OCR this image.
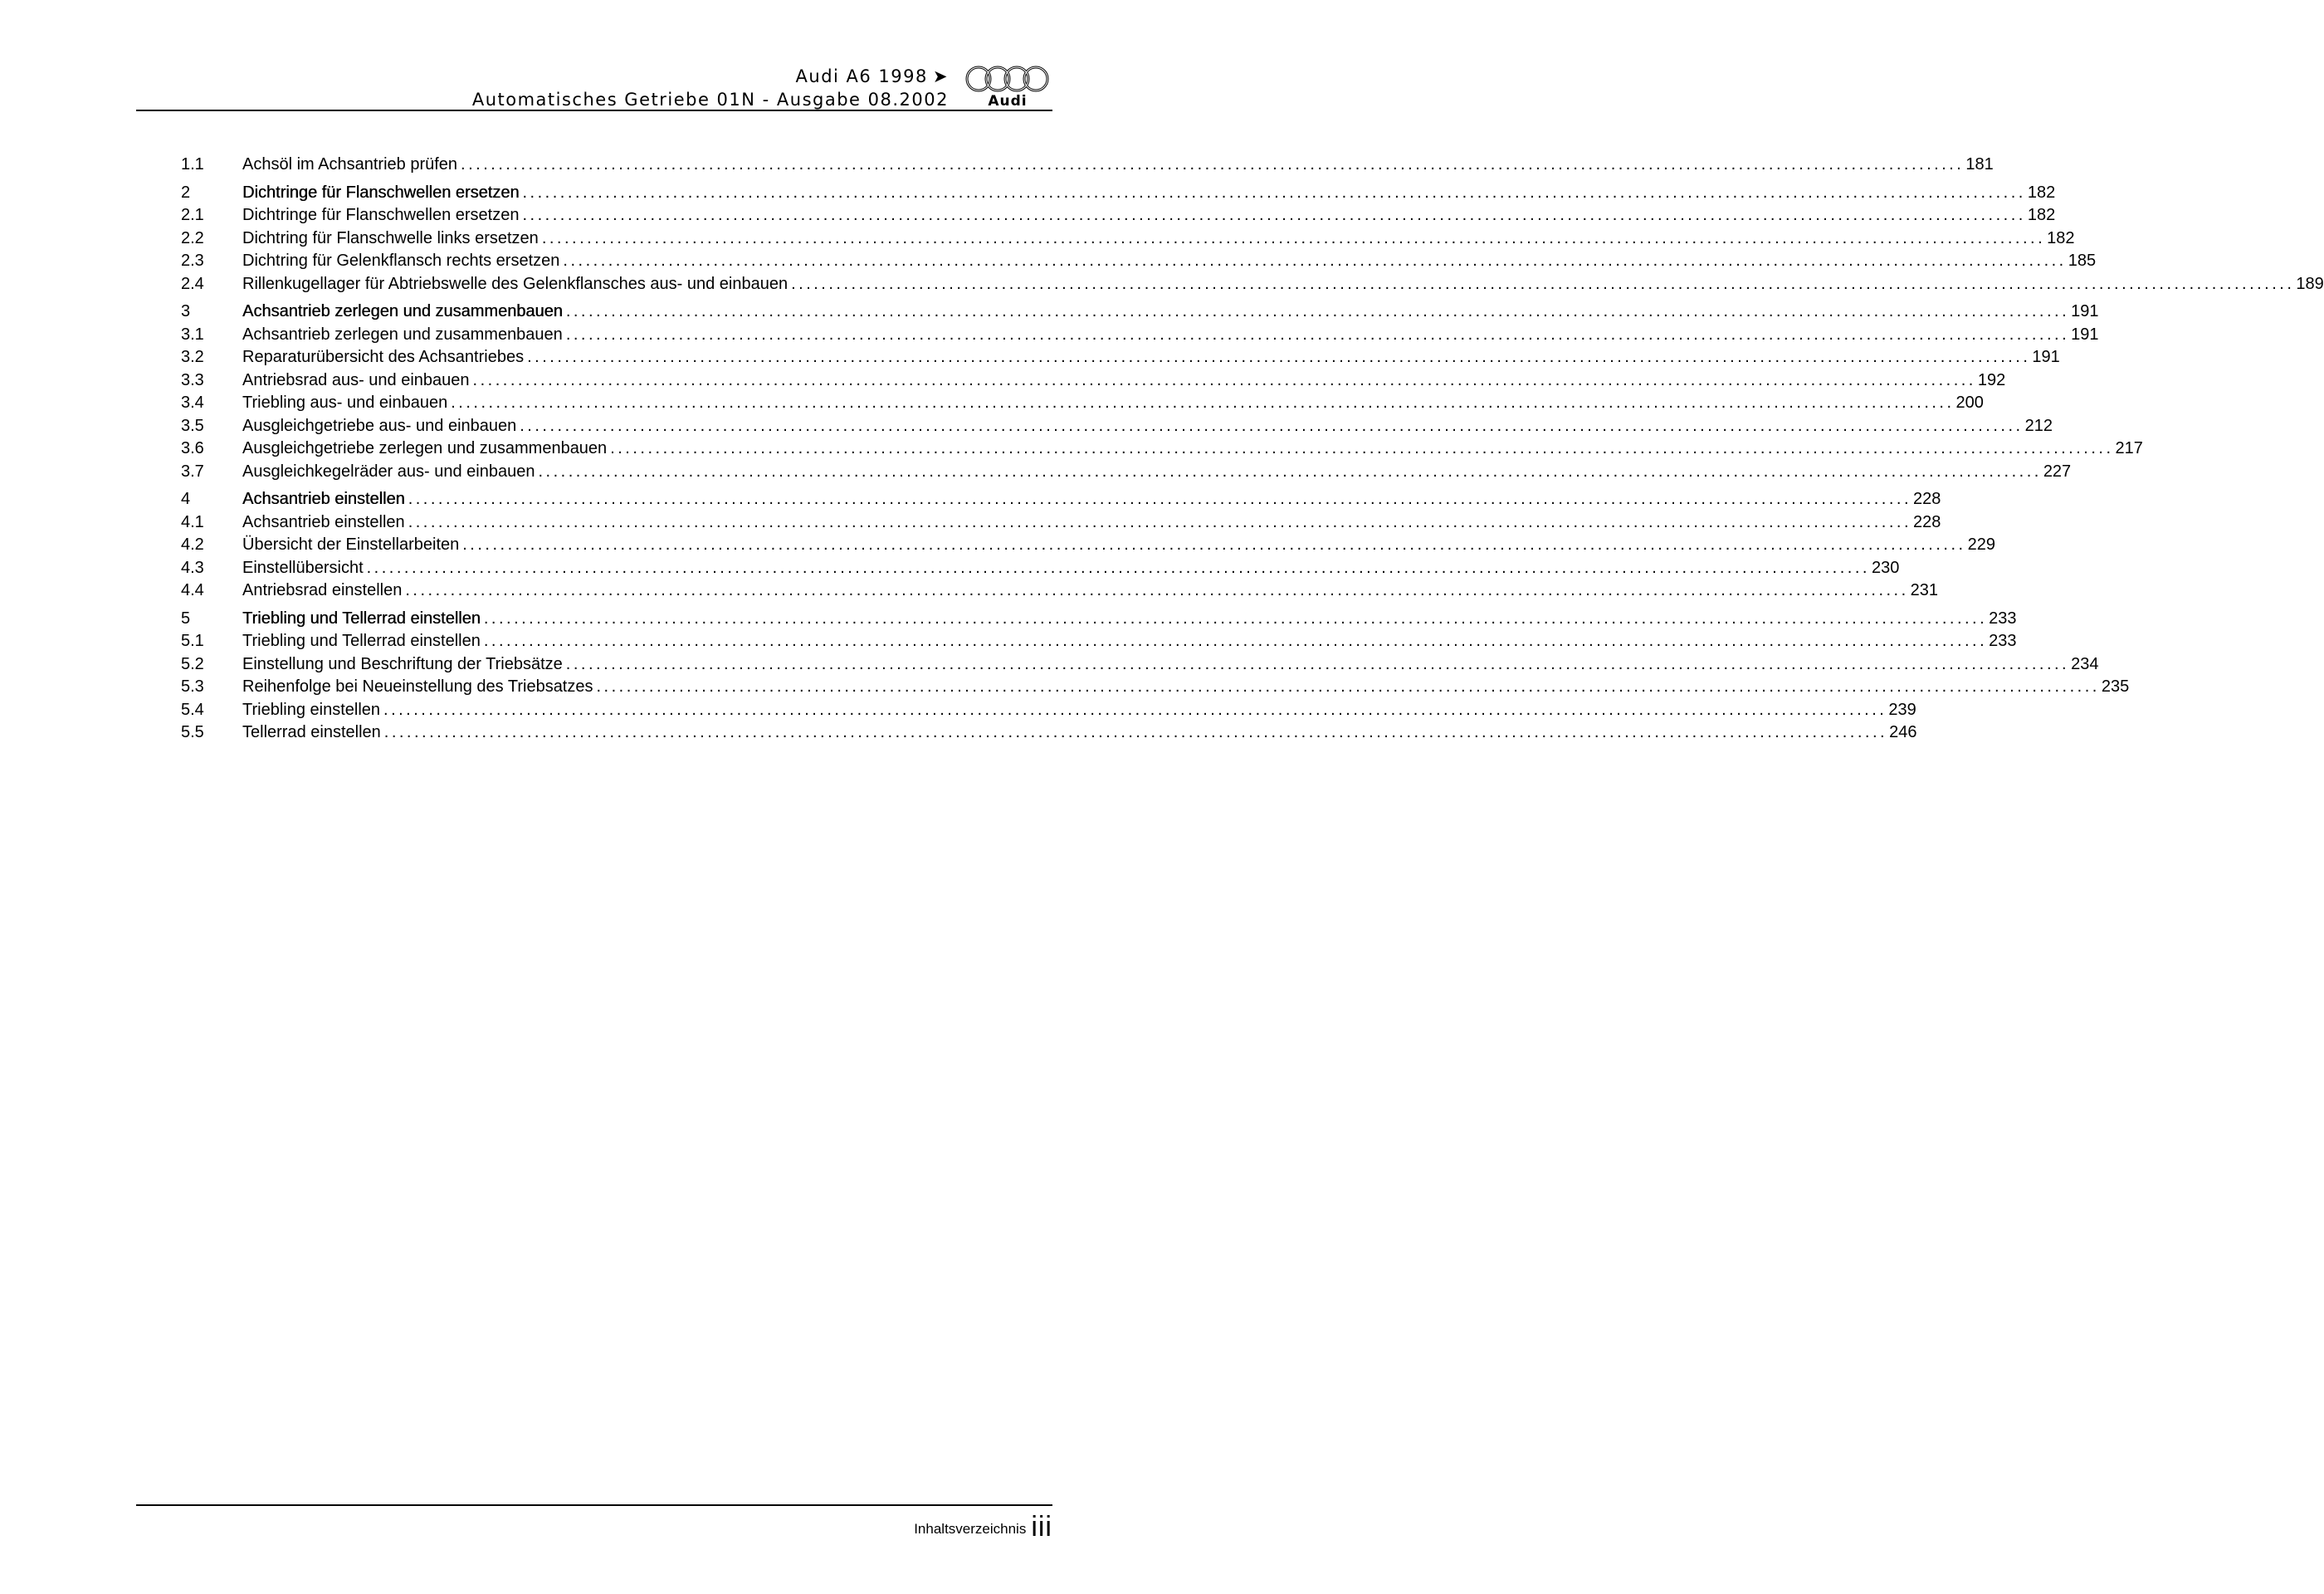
Audi A6 1998 ➤
Automatisches Getriebe 01N - Ausgabe 08.2002	Audi
1.1	Achsöl im Achsantrieb prüfen ........................................................................................................................................................................................................ 181
2	Dichtringe für Flanschwellen ersetzen ........................................................................................................................................................................................................ 182
2.1	Dichtringe für Flanschwellen ersetzen ........................................................................................................................................................................................................ 182
2.2	Dichtring für Flanschwelle links ersetzen ........................................................................................................................................................................................................ 182
2.3	Dichtring für Gelenkflansch rechts ersetzen ........................................................................................................................................................................................................ 185
2.4	Rillenkugellager für Abtriebswelle des Gelenkflansches aus- und einbauen ........................................................................................................................................................................................................ 189
3	Achsantrieb zerlegen und zusammenbauen ........................................................................................................................................................................................................ 191
3.1	Achsantrieb zerlegen und zusammenbauen ........................................................................................................................................................................................................ 191
3.2	Reparaturübersicht des Achsantriebes ........................................................................................................................................................................................................ 191
3.3	Antriebsrad aus- und einbauen ........................................................................................................................................................................................................ 192
3.4	Triebling aus- und einbauen ........................................................................................................................................................................................................ 200
3.5	Ausgleichgetriebe aus- und einbauen ........................................................................................................................................................................................................ 212
3.6	Ausgleichgetriebe zerlegen und zusammenbauen ........................................................................................................................................................................................................ 217
3.7	Ausgleichkegelräder aus- und einbauen ........................................................................................................................................................................................................ 227
4	Achsantrieb einstellen ........................................................................................................................................................................................................ 228
4.1	Achsantrieb einstellen ........................................................................................................................................................................................................ 228
4.2	Übersicht der Einstellarbeiten ........................................................................................................................................................................................................ 229
4.3	Einstellübersicht ........................................................................................................................................................................................................ 230
4.4	Antriebsrad einstellen ........................................................................................................................................................................................................ 231
5	Triebling und Tellerrad einstellen ........................................................................................................................................................................................................ 233
5.1	Triebling und Tellerrad einstellen ........................................................................................................................................................................................................ 233
5.2	Einstellung und Beschriftung der Triebsätze ........................................................................................................................................................................................................ 234
5.3	Reihenfolge bei Neueinstellung des Triebsatzes ........................................................................................................................................................................................................ 235
5.4	Triebling einstellen ........................................................................................................................................................................................................ 239
5.5	Tellerrad einstellen ........................................................................................................................................................................................................ 246
Inhaltsverzeichnis iii
